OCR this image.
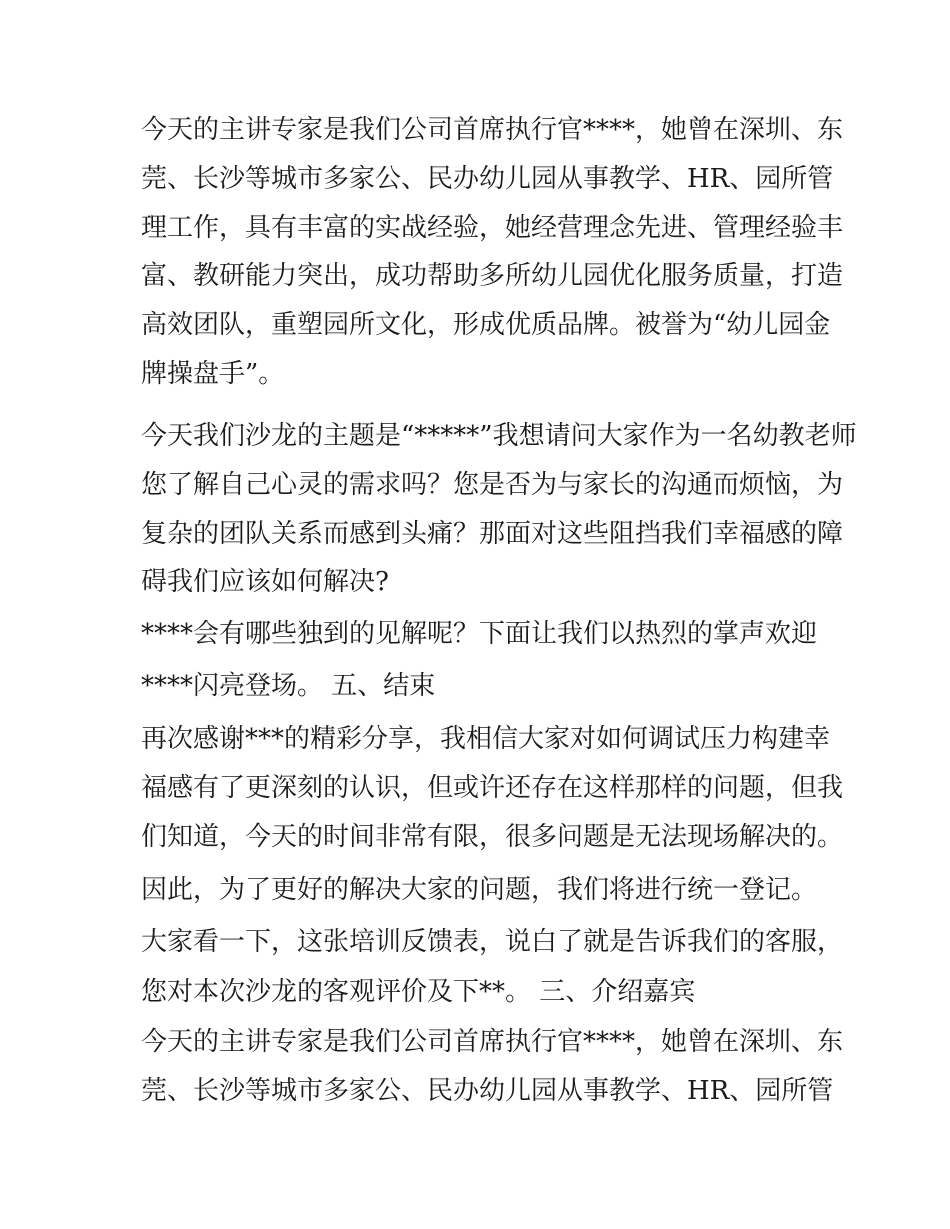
今天的主讲专家是我们公司首席执行官****，她曾在深圳、东
莞、长沙等城市多家公、民办幼儿园从事教学、HR、园所管
理工作，具有丰富的实战经验，她经营理念先进、管理经验丰
富、教研能力突出，成功帮助多所幼儿园优化服务质量，打造
高效团队，重塑园所文化，形成优质品牌。被誉为“幼儿园金
牌操盘手”。
今天我们沙龙的主题是“*****”我想请问大家作为一名幼教老师
您了解自己心灵的需求吗？您是否为与家长的沟通而烦恼，为
复杂的团队关系而感到头痛？那面对这些阻挡我们幸福感的障
碍我们应该如何解决?
****会有哪些独到的见解呢？下面让我们以热烈的掌声欢迎
****闪亮登场。 五、结束
再次感谢***的精彩分享，我相信大家对如何调试压力构建幸
福感有了更深刻的认识，但或许还存在这样那样的问题，但我
们知道，今天的时间非常有限，很多问题是无法现场解决的。
因此，为了更好的解决大家的问题，我们将进行统一登记。
大家看一下，这张培训反馈表，说白了就是告诉我们的客服，
您对本次沙龙的客观评价及下**。 三、介绍嘉宾
今天的主讲专家是我们公司首席执行官****，她曾在深圳、东
莞、长沙等城市多家公、民办幼儿园从事教学、HR、园所管
